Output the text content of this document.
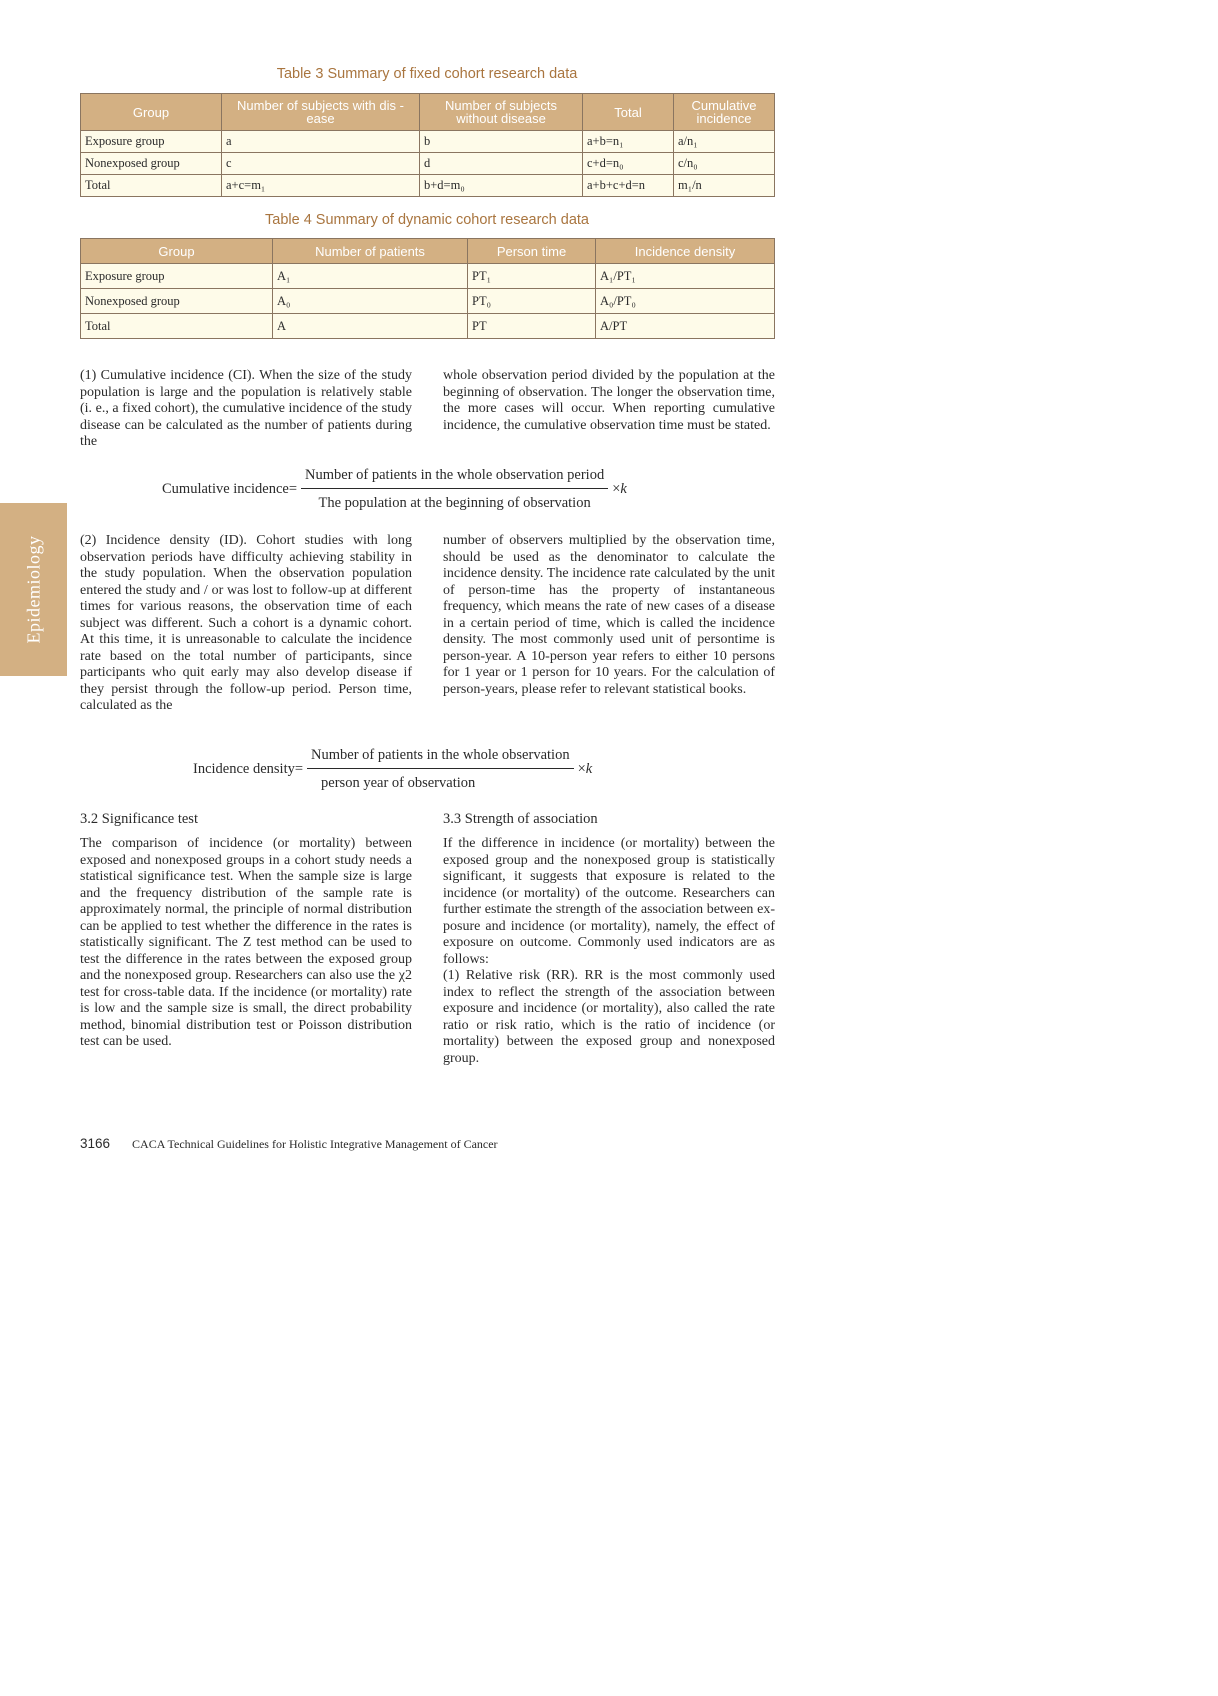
Epidemiology
Table 3 Summary of fixed cohort research data
Group	Number of subjects with dis - ease	Number of subjects without disease	Total	Cumulative incidence
Exposure group	a	b	a+b=n₁	a/n₁
Nonexposed group	c	d	c+d=n₀	c/n₀
Total	a+c=m₁	b+d=m₀	a+b+c+d=n	m₁/n
Table 4 Summary of dynamic cohort research data
Group	Number of patients	Person time	Incidence density
Exposure group	A₁	PT₁	A₁/PT₁
Nonexposed group	A₀	PT₀	A₀/PT₀
Total	A	PT	A/PT

(1) Cumulative incidence (CI). When the size of the study population is large and the population is relatively stable (i. e., a fixed cohort), the cumulative incidence of the study disease can be calculated as the number of patients during the

whole observation period divided by the population at the beginning of observation. The longer the observation time, the more cases will occur. When reporting cumulative incidence, the cumulative observation time must be stated.

Cumulative incidence= $\frac{\text{Number of patients in the whole observation period}}{\text{The population at the beginning of observation}} \times k$

(2) Incidence density (ID). Cohort studies with long observation periods have difficulty achieving stability in the study population. When the observation population entered the study and / or was lost to follow-up at different times for various reasons, the observation time of each subject was different. Such a cohort is a dynamic cohort. At this time, it is unreasonable to calculate the incidence rate based on the total number of participants, since participants who quit early may also develop disease if they persist through the follow-up period. Person time, calculated as the

number of observers multiplied by the observation time, should be used as the denominator to calculate the incidence density. The incidence rate calculated by the unit of person-time has the property of instantaneous frequency, which means the rate of new cases of a disease in a certain period of time, which is called the incidence density. The most commonly used unit of persontime is person-year. A 10-person year refers to either 10 persons for 1 year or 1 person for 10 years. For the calculation of person-years, please refer to relevant statistical books.

Incidence density= $\frac{\text{Number of patients in the whole observation}}{\text{person year of observation}} \times k$
3.2 Significance test

The comparison of incidence (or mortality) between exposed and nonexposed groups in a cohort study needs a statistical significance test. When the sample size is large and the frequency distribution of the sample rate is approximately normal, the principle of normal distribution can be applied to test whether the difference in the rates is statistically significant. The Z test method can be used to test the difference in the rates between the exposed group and the nonexposed group. Researchers can also use the χ2 test for cross-table data. If the incidence (or mortality) rate is low and the sample size is small, the direct probability method, binomial distribution test or Poisson distribution test can be used.

3.3 Strength of association

If the difference in incidence (or mortality) between the exposed group and the nonexposed group is statistically significant, it suggests that exposure is related to the incidence (or mortality) of the outcome. Researchers can further estimate the strength of the association between exposure and incidence (or mortality), namely, the effect of exposure on outcome. Commonly used indicators are as follows:

(1) Relative risk (RR). RR is the most commonly used index to reflect the strength of the association between exposure and incidence (or mortality), also called the rate ratio or risk ratio, which is the ratio of incidence (or mortality) between the exposed group and nonexposed group.

3166 CACA Technical Guidelines for Holistic Integrative Management of Cancer
